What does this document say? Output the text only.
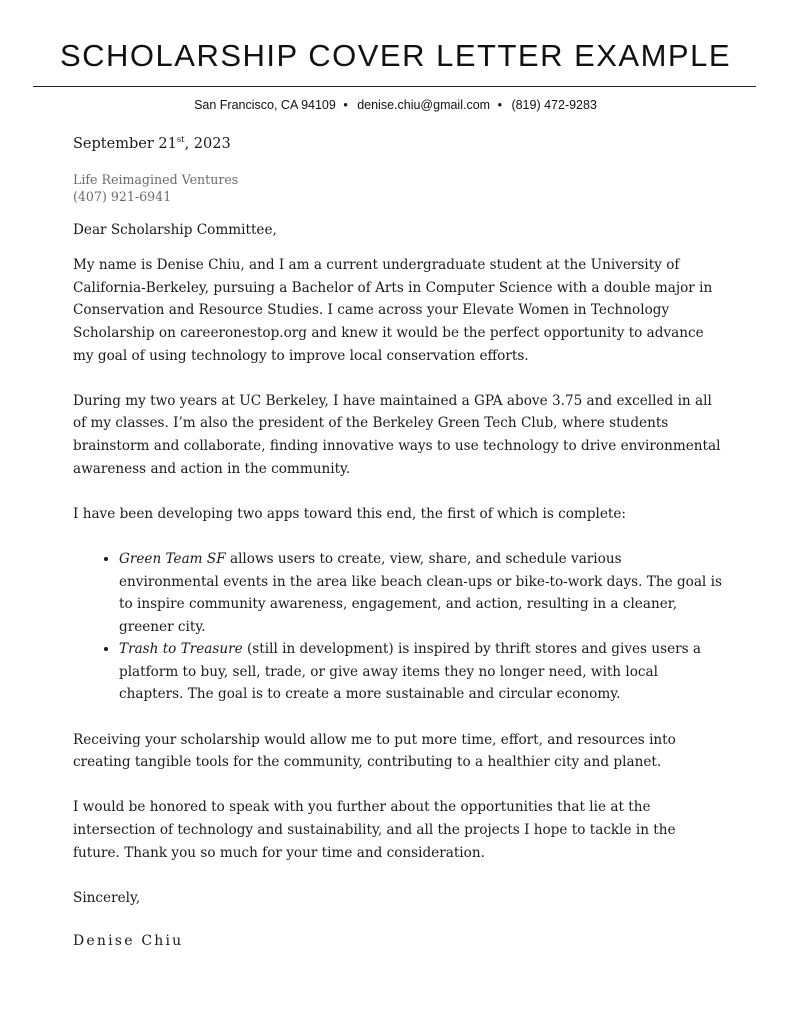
SCHOLARSHIP COVER LETTER EXAMPLE
San Francisco, CA 94109 • denise.chiu@gmail.com • (819) 472-9283
September 21st, 2023
Life Reimagined Ventures
(407) 921-6941

Dear Scholarship Committee,

My name is Denise Chiu, and I am a current undergraduate student at the University of California-Berkeley, pursuing a Bachelor of Arts in Computer Science with a double major in Conservation and Resource Studies. I came across your Elevate Women in Technology Scholarship on careeronestop.org and knew it would be the perfect opportunity to advance my goal of using technology to improve local conservation efforts.

During my two years at UC Berkeley, I have maintained a GPA above 3.75 and excelled in all of my classes. I’m also the president of the Berkeley Green Tech Club, where students brainstorm and collaborate, finding innovative ways to use technology to drive environmental awareness and action in the community.

I have been developing two apps toward this end, the first of which is complete:

• Green Team SF allows users to create, view, share, and schedule various environmental events in the area like beach clean-ups or bike-to-work days. The goal is to inspire community awareness, engagement, and action, resulting in a cleaner, greener city.
• Trash to Treasure (still in development) is inspired by thrift stores and gives users a platform to buy, sell, trade, or give away items they no longer need, with local chapters. The goal is to create a more sustainable and circular economy.

Receiving your scholarship would allow me to put more time, effort, and resources into creating tangible tools for the community, contributing to a healthier city and planet.

I would be honored to speak with you further about the opportunities that lie at the intersection of technology and sustainability, and all the projects I hope to tackle in the future. Thank you so much for your time and consideration.

Sincerely,

Denise Chiu
